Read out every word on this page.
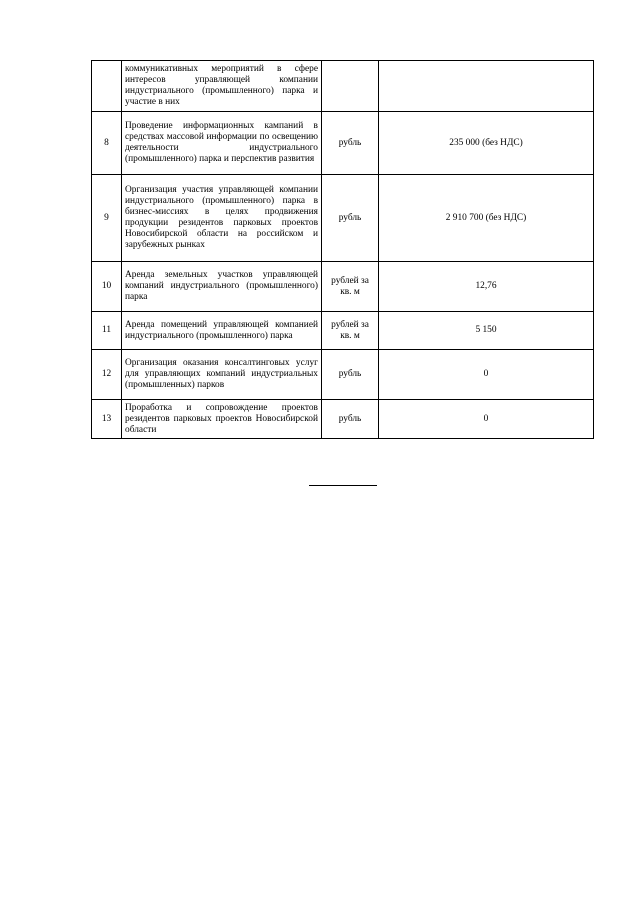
	коммуникативных мероприятий в сфере интересов управляющей компании индустриального (промышленного) парка и участие в них		

8	Проведение информационных кампаний в средствах массовой информации по освещению деятельности индустриального (промышленного) парка и перспектив развития	рубль	235 000 (без НДС)
9	Организация участия управляющей компании индустриального (промышленного) парка в бизнес-миссиях в целях продвижения продукции резидентов парковых проектов Новосибирской области на российском и зарубежных рынках	рубль	2 910 700 (без НДС)
10	Аренда земельных участков управляющей компаний индустриального (промышленного) парка	рублей за кв. м	12,76
11	Аренда помещений управляющей компанией индустриального (промышленного) парка	рублей за кв. м	5 150
12	Организация оказания консалтинговых услуг для управляющих компаний индустриальных (промышленных) парков	рубль	0
13	Проработка и сопровождение проектов резидентов парковых проектов Новосибирской области	рубль	0
